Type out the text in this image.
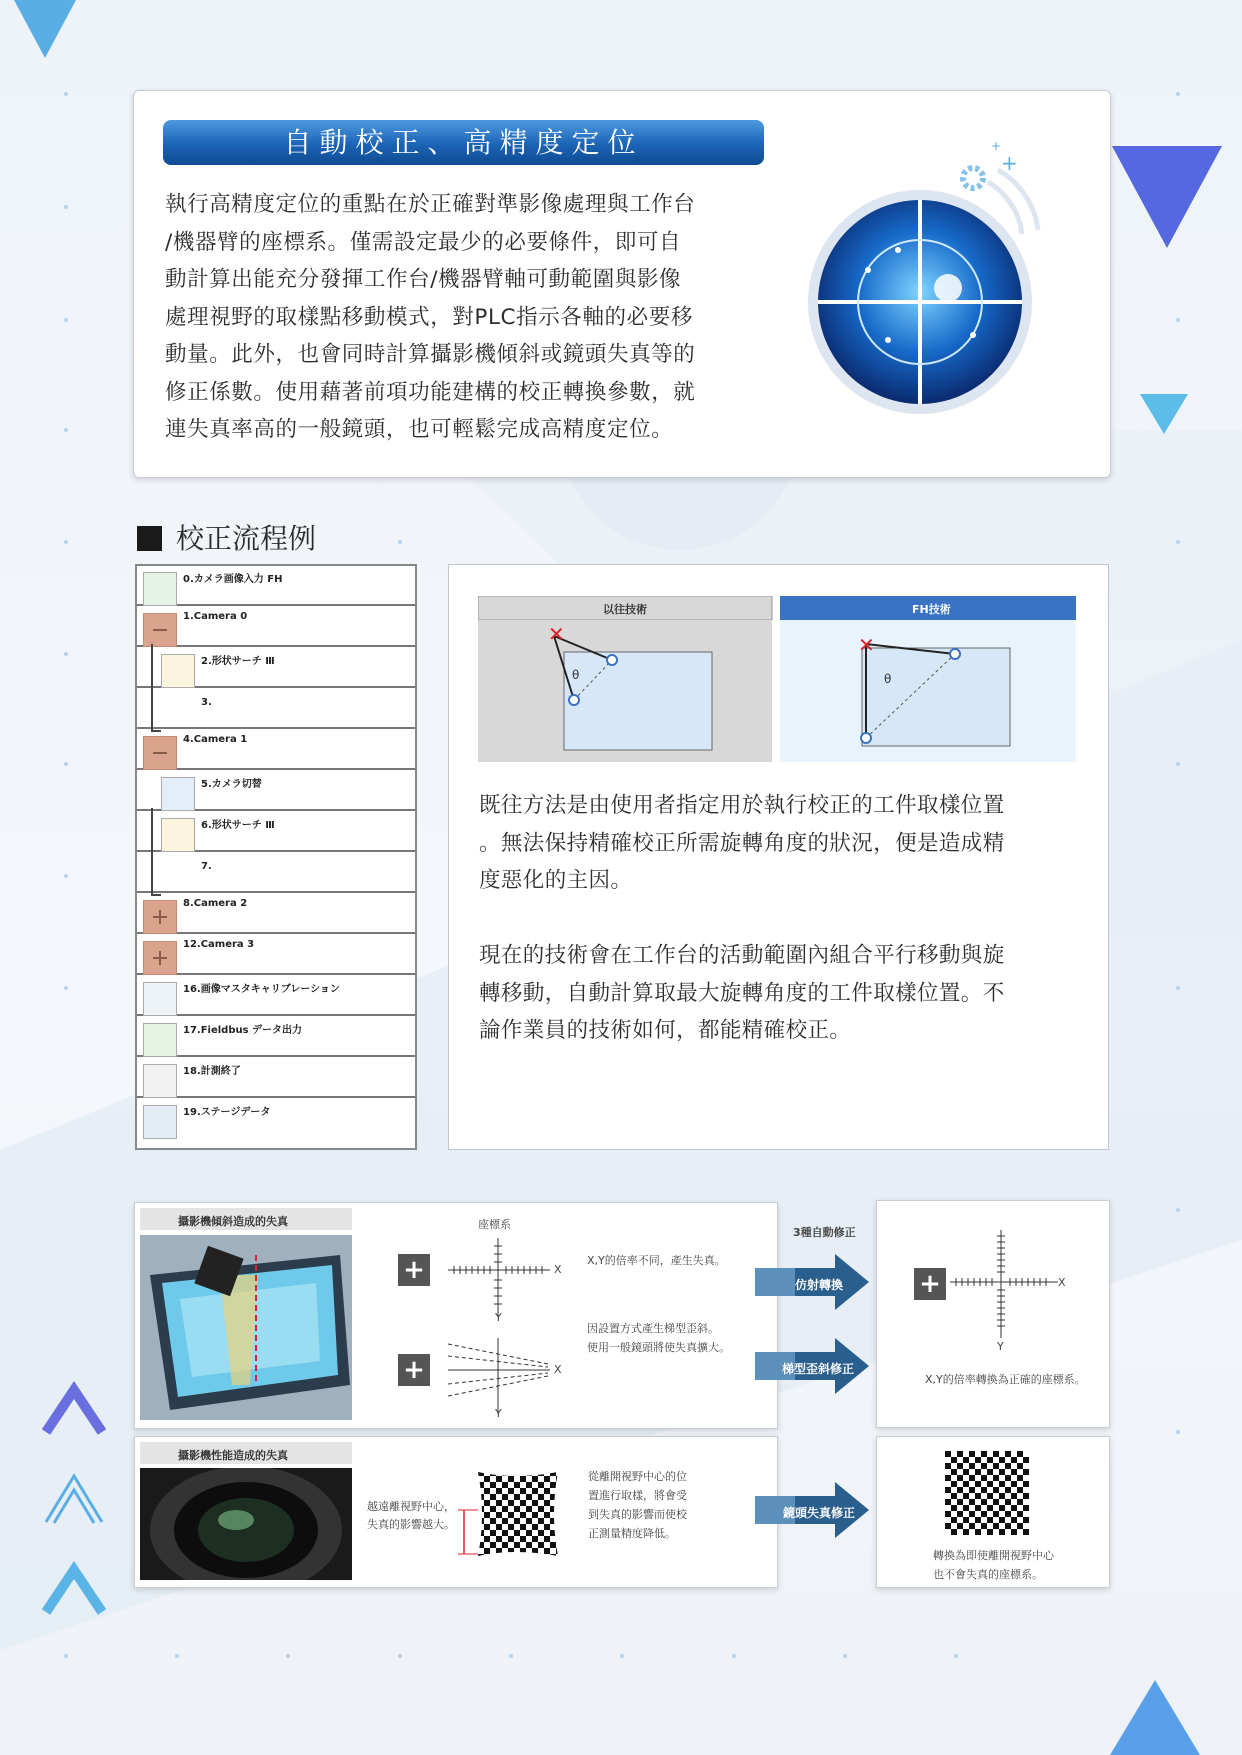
自動校正、高精度定位
執行高精度定位的重點在於正確對準影像處理與工作台
/機器臂的座標系。僅需設定最少的必要條件，即可自
動計算出能充分發揮工作台/機器臂軸可動範圍與影像
處理視野的取樣點移動模式，對PLC指示各軸的必要移
動量。此外，也會同時計算攝影機傾斜或鏡頭失真等的
修正係數。使用藉著前項功能建構的校正轉換參數，就
連失真率高的一般鏡頭，也可輕鬆完成高精度定位。
+
+
校正流程例
0.カメラ画像入力 FH
1.Camera 0
2.形状サーチ Ⅲ
3.
4.Camera 1
5.カメラ切替
6.形状サーチ Ⅲ
7.
8.Camera 2
12.Camera 3
16.画像マスタキャリブレーション
17.Fieldbus データ出力
18.計測終了
19.ステージデータ
✕	✕
以往技術	FH技術
θ	θ
既往方法是由使用者指定用於執行校正的工件取樣位置
。無法保持精確校正所需旋轉角度的狀況，便是造成精
度惡化的主因。
現在的技術會在工作台的活動範圍內組合平行移動與旋
轉移動，自動計算取最大旋轉角度的工件取樣位置。不
論作業員的技術如何，都能精確校正。
攝影機傾斜造成的失真
攝影機性能造成的失真
+
+
+
座標系
X
Y
X
Y
X,Y的倍率不同，產生失真。
因設置方式產生梯型歪斜。
使用一般鏡頭將使失真擴大。
3種自動修正
仿射轉換
梯型歪斜修正
鏡頭失真修正
X
Y
X,Y的倍率轉換為正確的座標系。
越遠離視野中心，
失真的影響越大。
從離開視野中心的位
置進行取樣，將會受
到失真的影響而使校
正測量精度降低。
轉換為即使離開視野中心
也不會失真的座標系。
